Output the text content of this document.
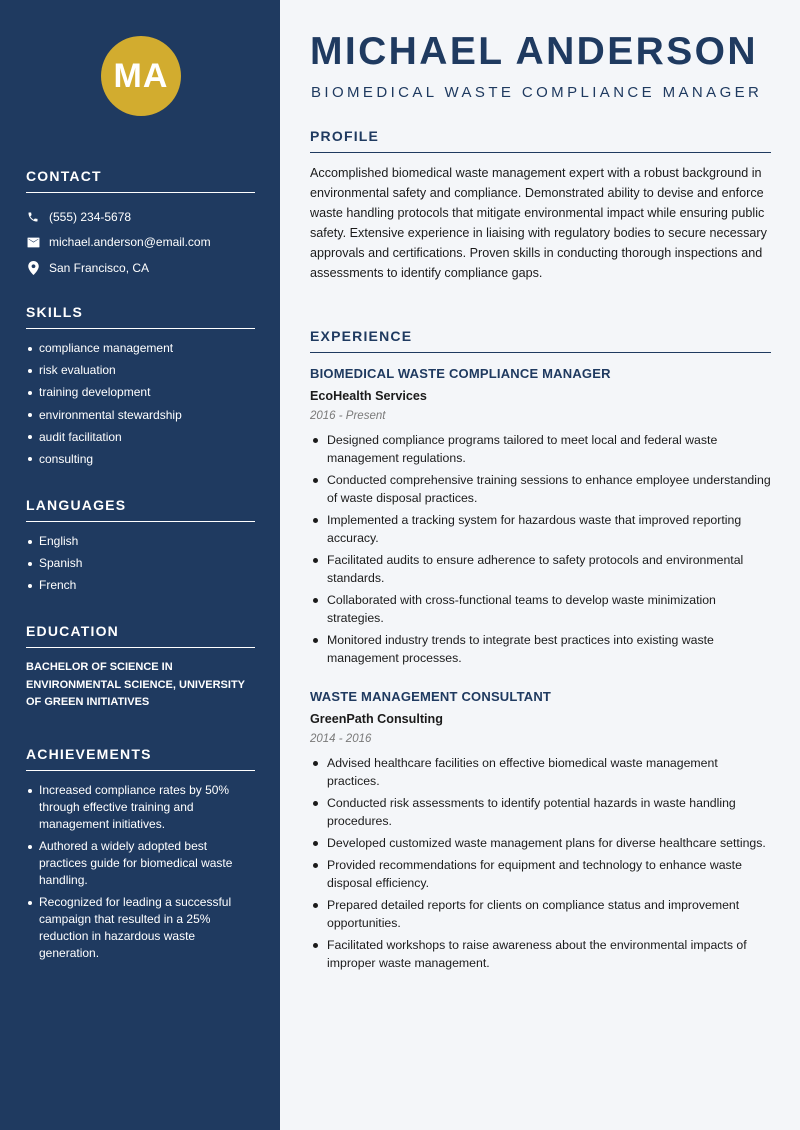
MA
CONTACT
(555) 234-5678
michael.anderson@email.com
San Francisco, CA
SKILLS
compliance management
risk evaluation
training development
environmental stewardship
audit facilitation
consulting
LANGUAGES
English
Spanish
French
EDUCATION
BACHELOR OF SCIENCE IN ENVIRONMENTAL SCIENCE, UNIVERSITY OF GREEN INITIATIVES
ACHIEVEMENTS
Increased compliance rates by 50% through effective training and management initiatives.
Authored a widely adopted best practices guide for biomedical waste handling.
Recognized for leading a successful campaign that resulted in a 25% reduction in hazardous waste generation.
MICHAEL ANDERSON
BIOMEDICAL WASTE COMPLIANCE MANAGER
PROFILE

Accomplished biomedical waste management expert with a robust background in environmental safety and compliance. Demonstrated ability to devise and enforce waste handling protocols that mitigate environmental impact while ensuring public safety. Extensive experience in liaising with regulatory bodies to secure necessary approvals and certifications. Proven skills in conducting thorough inspections and assessments to identify compliance gaps.

EXPERIENCE
BIOMEDICAL WASTE COMPLIANCE MANAGER
EcoHealth Services
2016 - Present
Designed compliance programs tailored to meet local and federal waste management regulations.
Conducted comprehensive training sessions to enhance employee understanding of waste disposal practices.
Implemented a tracking system for hazardous waste that improved reporting accuracy.
Facilitated audits to ensure adherence to safety protocols and environmental standards.
Collaborated with cross-functional teams to develop waste minimization strategies.
Monitored industry trends to integrate best practices into existing waste management processes.
WASTE MANAGEMENT CONSULTANT
GreenPath Consulting
2014 - 2016
Advised healthcare facilities on effective biomedical waste management practices.
Conducted risk assessments to identify potential hazards in waste handling procedures.
Developed customized waste management plans for diverse healthcare settings.
Provided recommendations for equipment and technology to enhance waste disposal efficiency.
Prepared detailed reports for clients on compliance status and improvement opportunities.
Facilitated workshops to raise awareness about the environmental impacts of improper waste management.
